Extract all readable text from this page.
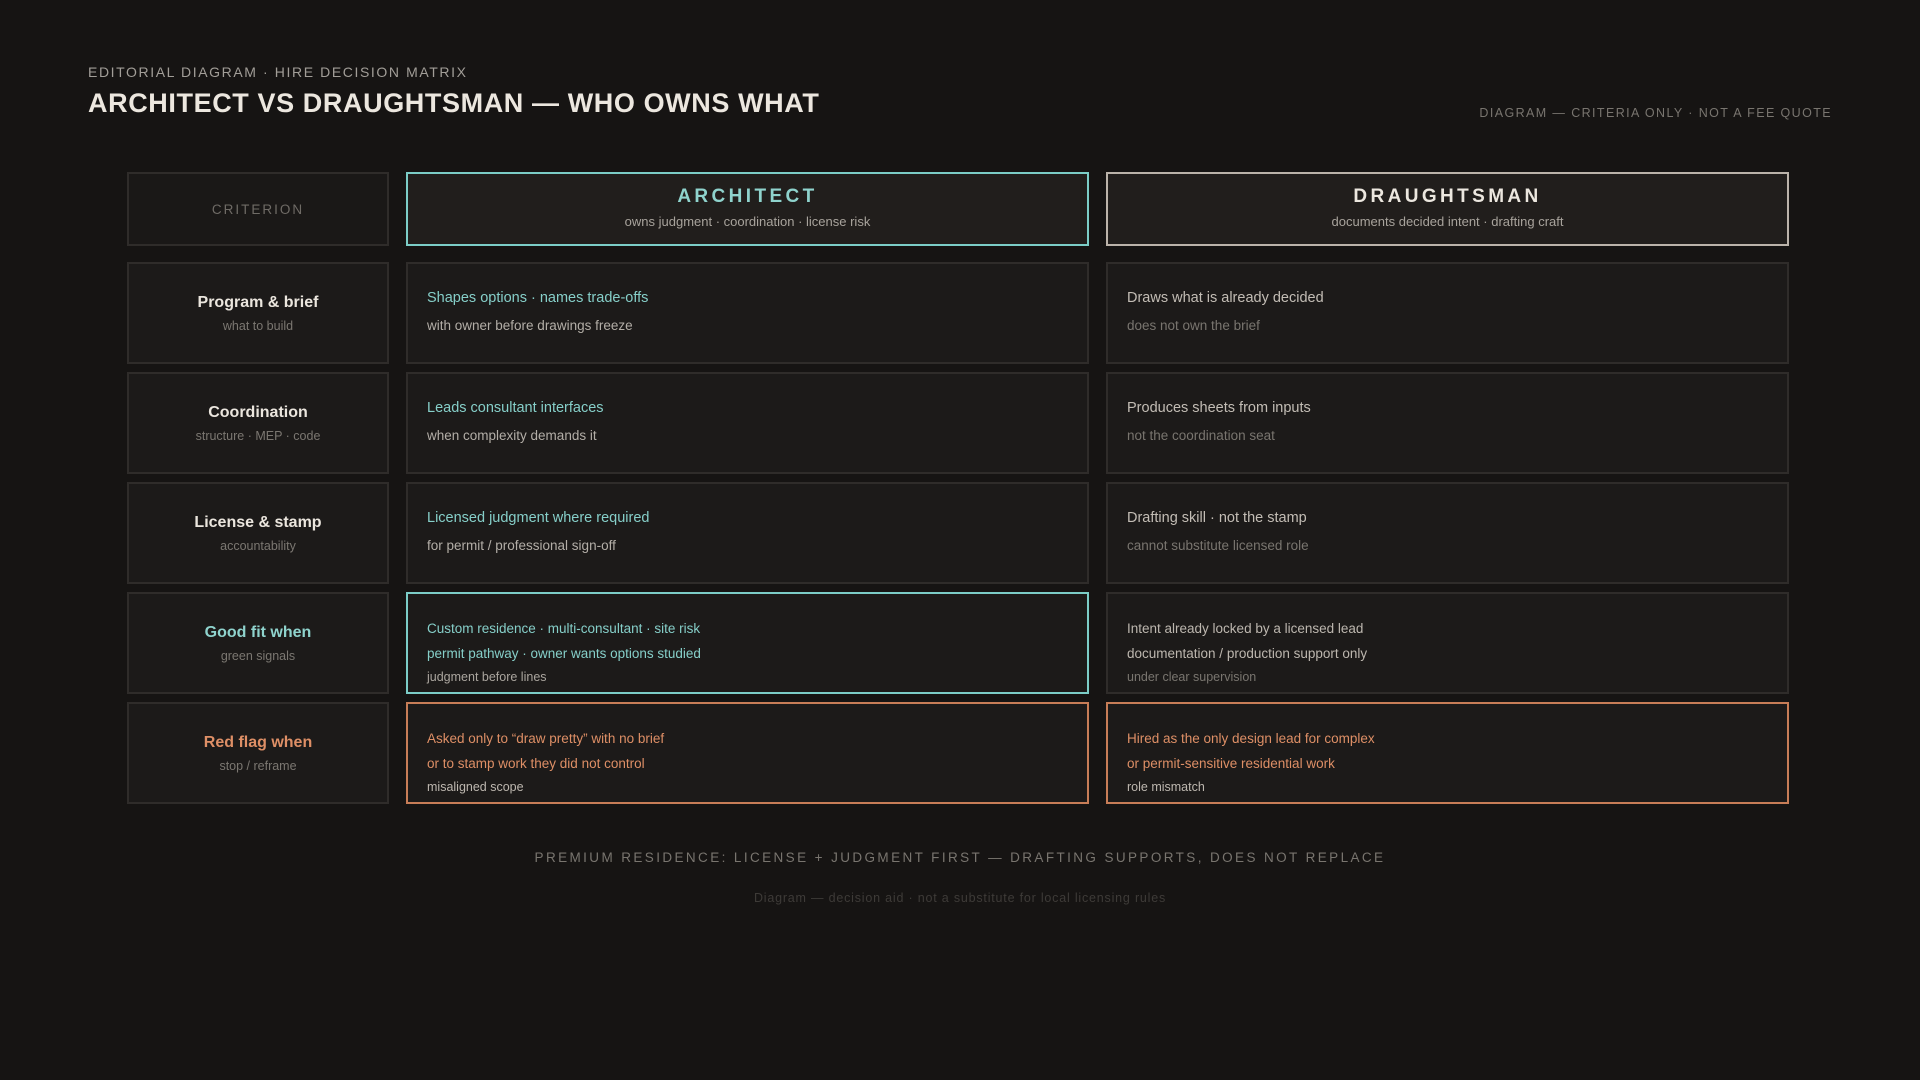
EDITORIAL DIAGRAM · HIRE DECISION MATRIX
ARCHITECT VS DRAUGHTSMAN — WHO OWNS WHAT	DIAGRAM — CRITERIA ONLY · NOT A FEE QUOTE
CRITERION
ARCHITECT
owns judgment · coordination · license risk
DRAUGHTSMAN
documents decided intent · drafting craft
Program & brief
what to build
Shapes options · names trade-offs
with owner before drawings freeze
Draws what is already decided
does not own the brief
Coordination
structure · MEP · code
Leads consultant interfaces
when complexity demands it
Produces sheets from inputs
not the coordination seat
License & stamp
accountability
Licensed judgment where required
for permit / professional sign-off
Drafting skill · not the stamp
cannot substitute licensed role
Good fit when
green signals
Custom residence · multi-consultant · site risk
permit pathway · owner wants options studied
judgment before lines
Intent already locked by a licensed lead
documentation / production support only
under clear supervision
Red flag when
stop / reframe
Asked only to “draw pretty” with no brief
or to stamp work they did not control
misaligned scope
Hired as the only design lead for complex
or permit-sensitive residential work
role mismatch
PREMIUM RESIDENCE: LICENSE + JUDGMENT FIRST — DRAFTING SUPPORTS, DOES NOT REPLACE
Diagram — decision aid · not a substitute for local licensing rules
